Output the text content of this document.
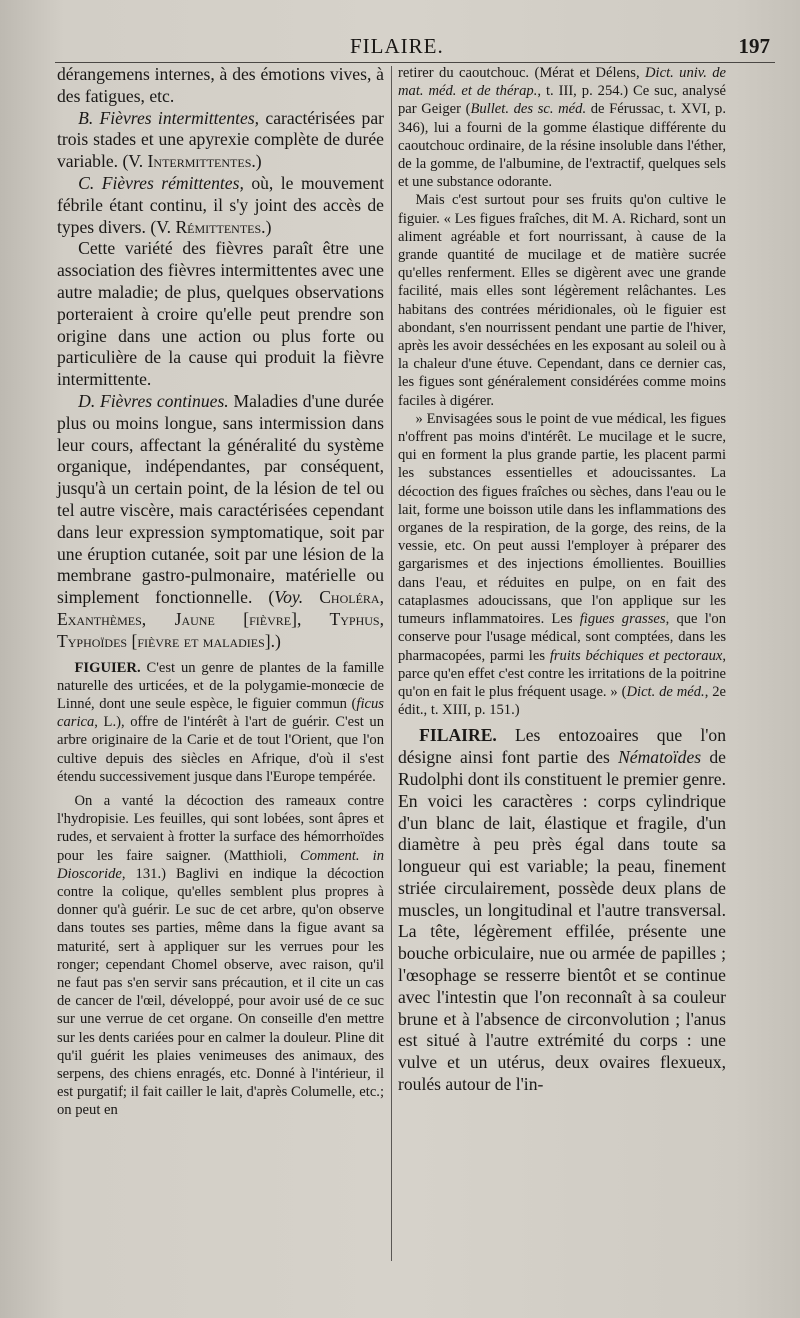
FILAIRE.	197

dérangemens internes, à des émotions vives, à des fatigues, etc.

B. Fièvres intermittentes, caractérisées par trois stades et une apyrexie complète de durée variable. (V. Intermittentes.)

C. Fièvres rémittentes, où, le mouvement fébrile étant continu, il s'y joint des accès de types divers. (V. Rémittentes.)

Cette variété des fièvres paraît être une association des fièvres intermittentes avec une autre maladie; de plus, quelques observations porteraient à croire qu'elle peut prendre son origine dans une action ou plus forte ou particulière de la cause qui produit la fièvre intermittente.

D. Fièvres continues. Maladies d'une durée plus ou moins longue, sans intermission dans leur cours, affectant la généralité du système organique, indépendantes, par conséquent, jusqu'à un certain point, de la lésion de tel ou tel autre viscère, mais caractérisées cependant dans leur expression symptomatique, soit par une éruption cutanée, soit par une lésion de la membrane gastro-pulmonaire, matérielle ou simplement fonctionnelle. (Voy. Choléra, Exanthèmes, Jaune [fièvre], Typhus, Typhoïdes [fièvre et maladies].)

FIGUIER. C'est un genre de plantes de la famille naturelle des urticées, et de la polygamie-monœcie de Linné, dont une seule espèce, le figuier commun (ficus carica, L.), offre de l'intérêt à l'art de guérir. C'est un arbre originaire de la Carie et de tout l'Orient, que l'on cultive depuis des siècles en Afrique, d'où il s'est étendu successivement jusque dans l'Europe tempérée.

On a vanté la décoction des rameaux contre l'hydropisie. Les feuilles, qui sont lobées, sont âpres et rudes, et servaient à frotter la surface des hémorrhoïdes pour les faire saigner. (Matthioli, Comment. in Dioscoride, 131.) Baglivi en indique la décoction contre la colique, qu'elles semblent plus propres à donner qu'à guérir. Le suc de cet arbre, qu'on observe dans toutes ses parties, même dans la figue avant sa maturité, sert à appliquer sur les verrues pour les ronger; cependant Chomel observe, avec raison, qu'il ne faut pas s'en servir sans précaution, et il cite un cas de cancer de l'œil, développé, pour avoir usé de ce suc sur une verrue de cet organe. On conseille d'en mettre sur les dents cariées pour en calmer la douleur. Pline dit qu'il guérit les plaies venimeuses des animaux, des serpens, des chiens enragés, etc. Donné à l'intérieur, il est purgatif; il fait cailler le lait, d'après Columelle, etc.; on peut en

retirer du caoutchouc. (Mérat et Délens, Dict. univ. de mat. méd. et de thérap., t. III, p. 254.) Ce suc, analysé par Geiger (Bullet. des sc. méd. de Férussac, t. XVI, p. 346), lui a fourni de la gomme élastique différente du caoutchouc ordinaire, de la résine insoluble dans l'éther, de la gomme, de l'albumine, de l'extractif, quelques sels et une substance odorante.

Mais c'est surtout pour ses fruits qu'on cultive le figuier. « Les figues fraîches, dit M. A. Richard, sont un aliment agréable et fort nourrissant, à cause de la grande quantité de mucilage et de matière sucrée qu'elles renferment. Elles se digèrent avec une grande facilité, mais elles sont légèrement relâchantes. Les habitans des contrées méridionales, où le figuier est abondant, s'en nourrissent pendant une partie de l'hiver, après les avoir desséchées en les exposant au soleil ou à la chaleur d'une étuve. Cependant, dans ce dernier cas, les figues sont généralement considérées comme moins faciles à digérer.

» Envisagées sous le point de vue médical, les figues n'offrent pas moins d'intérêt. Le mucilage et le sucre, qui en forment la plus grande partie, les placent parmi les substances essentielles et adoucissantes. La décoction des figues fraîches ou sèches, dans l'eau ou le lait, forme une boisson utile dans les inflammations des organes de la respiration, de la gorge, des reins, de la vessie, etc. On peut aussi l'employer à préparer des gargarismes et des injections émollientes. Bouillies dans l'eau, et réduites en pulpe, on en fait des cataplasmes adoucissans, que l'on applique sur les tumeurs inflammatoires. Les figues grasses, que l'on conserve pour l'usage médical, sont comptées, dans les pharmacopées, parmi les fruits béchiques et pectoraux, parce qu'en effet c'est contre les irritations de la poitrine qu'on en fait le plus fréquent usage. » (Dict. de méd., 2e édit., t. XIII, p. 151.)

FILAIRE. Les entozoaires que l'on désigne ainsi font partie des Nématoïdes de Rudolphi dont ils constituent le premier genre. En voici les caractères : corps cylindrique d'un blanc de lait, élastique et fragile, d'un diamètre à peu près égal dans toute sa longueur qui est variable; la peau, finement striée circulairement, possède deux plans de muscles, un longitudinal et l'autre transversal. La tête, légèrement effilée, présente une bouche orbiculaire, nue ou armée de papilles ; l'œsophage se resserre bientôt et se continue avec l'intestin que l'on reconnaît à sa couleur brune et à l'absence de circonvolution ; l'anus est situé à l'autre extrémité du corps : une vulve et un utérus, deux ovaires flexueux, roulés autour de l'in-
